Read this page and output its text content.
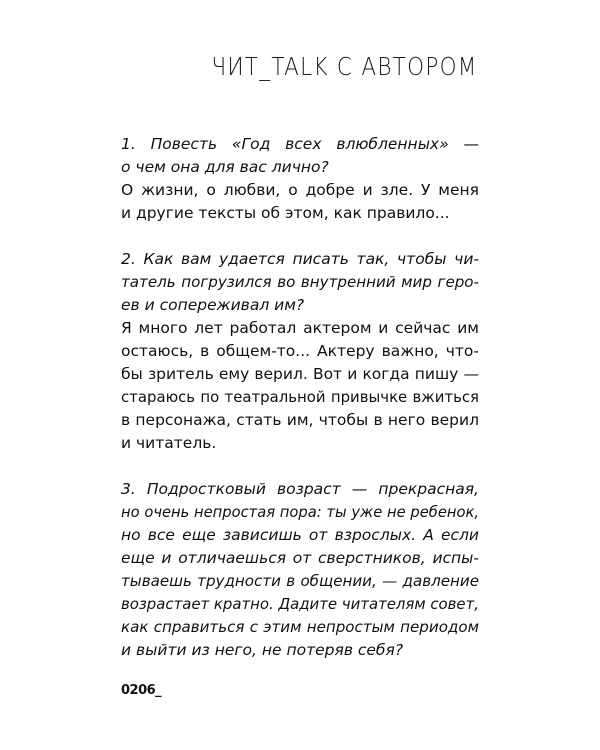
ЧИТ_TALK С АВТОРОМ

1. Повесть «Год всех влюбленных» —
о чем она для вас лично?

О жизни, о любви, о добре и зле. У меня
и другие тексты об этом, как правило...

2. Как вам удается писать так, чтобы чи-
татель погрузился во внутренний мир геро-
ев и сопереживал им?

Я много лет работал актером и сейчас им
остаюсь, в общем-то... Актеру важно, что-
бы зритель ему верил. Вот и когда пишу —
стараюсь по театральной привычке вжиться
в персонажа, стать им, чтобы в него верил
и читатель.

3. Подростковый возраст — прекрасная,
но очень непростая пора: ты уже не ребенок,
но все еще зависишь от взрослых. А если
еще и отличаешься от сверстников, испы-
тываешь трудности в общении, — давление
возрастает кратно. Дадите читателям совет,
как справиться с этим непростым периодом
и выйти из него, не потеряв себя?

0206_
